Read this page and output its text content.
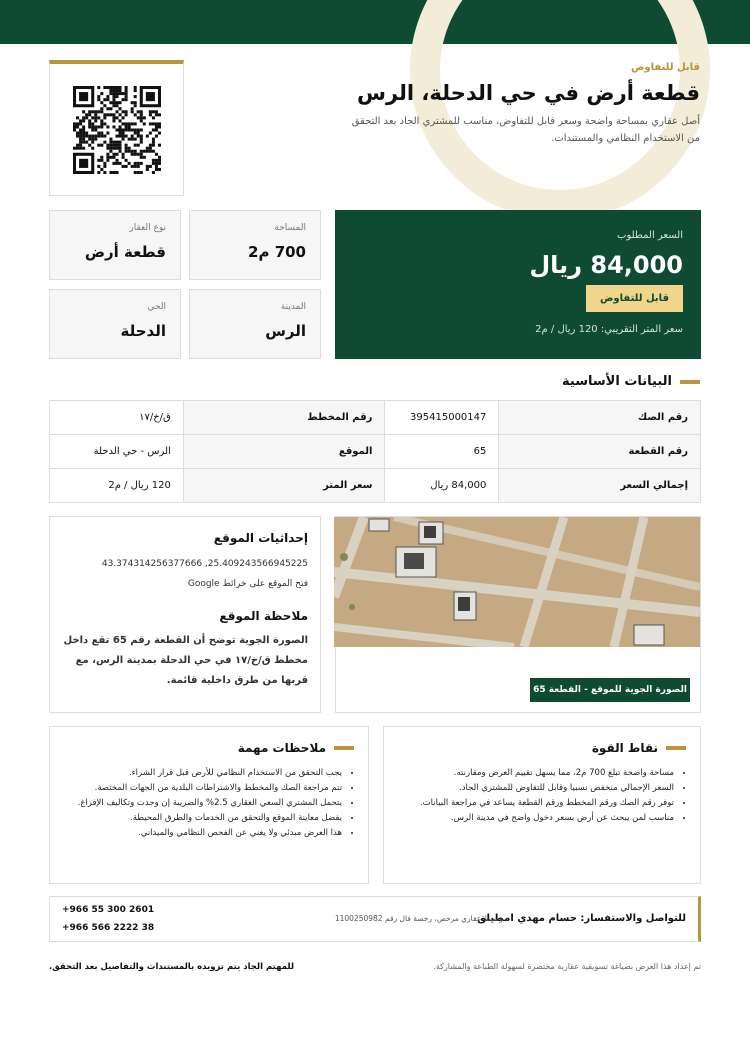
قابل للتفاوض
قطعة أرض في حي الدحلة، الرس
أصل عقاري بمساحة واضحة وسعر قابل للتفاوض، مناسب للمشتري الجاد بعد التحقق من الاستخدام النظامي والمستندات.
السعر المطلوب
84,000 ريال
قابل للتفاوض
سعر المتر التقريبي: 120 ريال / م2
نوع العقار
قطعة أرض
المساحة
700 م2
الحي
الدحلة
المدينة
الرس
البيانات الأساسية
رقم الصك	395415000147	رقم المخطط	ق/خ/١٧
رقم القطعة	65	الموقع	الرس - حي الدحلة
إجمالي السعر	84,000 ريال	سعر المتر	120 ريال / م2
الصورة الجوية للموقع - القطعة 65
إحداثيات الموقع
43.374314256377666 ,25.409243566945225
فتح الموقع على خرائط Google
ملاحظة الموقع
الصورة الجوية توضح أن القطعة رقم 65 تقع داخل مخطط ق/خ/١٧ في حي الدحلة بمدينة الرس، مع قربها من طرق داخلية قائمة.
نقاط القوة
• مساحة واضحة تبلغ 700 م2، مما يسهل تقييم العرض ومقارنته.
• السعر الإجمالي منخفض نسبيا وقابل للتفاوض للمشتري الجاد.
• توفر رقم الصك ورقم المخطط ورقم القطعة يساعد في مراجعة البيانات.
• مناسب لمن يبحث عن أرض بسعر دخول واضح في مدينة الرس.
ملاحظات مهمة
• يجب التحقق من الاستخدام النظامي للأرض قبل قرار الشراء.
• تتم مراجعة الصك والمخطط والاشتراطات البلدية من الجهات المختصة.
• يتحمل المشتري السعي العقاري 2.5% والضريبة إن وجدت وتكاليف الإفراغ.
• يفضل معاينة الموقع والتحقق من الخدمات والطرق المحيطة.
• هذا العرض مبدئي ولا يغني عن الفحص النظامي والميداني.
للتواصل والاستفسار: حسام مهدي امطيلق
- وسيط عقاري مرخص، رخصة فال رقم 1100250982
+966 55 300 2601
+966 566 2222 38
تم إعداد هذا العرض بصياغة تسويقية عقارية مختصرة لسهولة الطباعة والمشاركة.
للمهتم الجاد يتم تزويده بالمستندات والتفاصيل بعد التحقق.
